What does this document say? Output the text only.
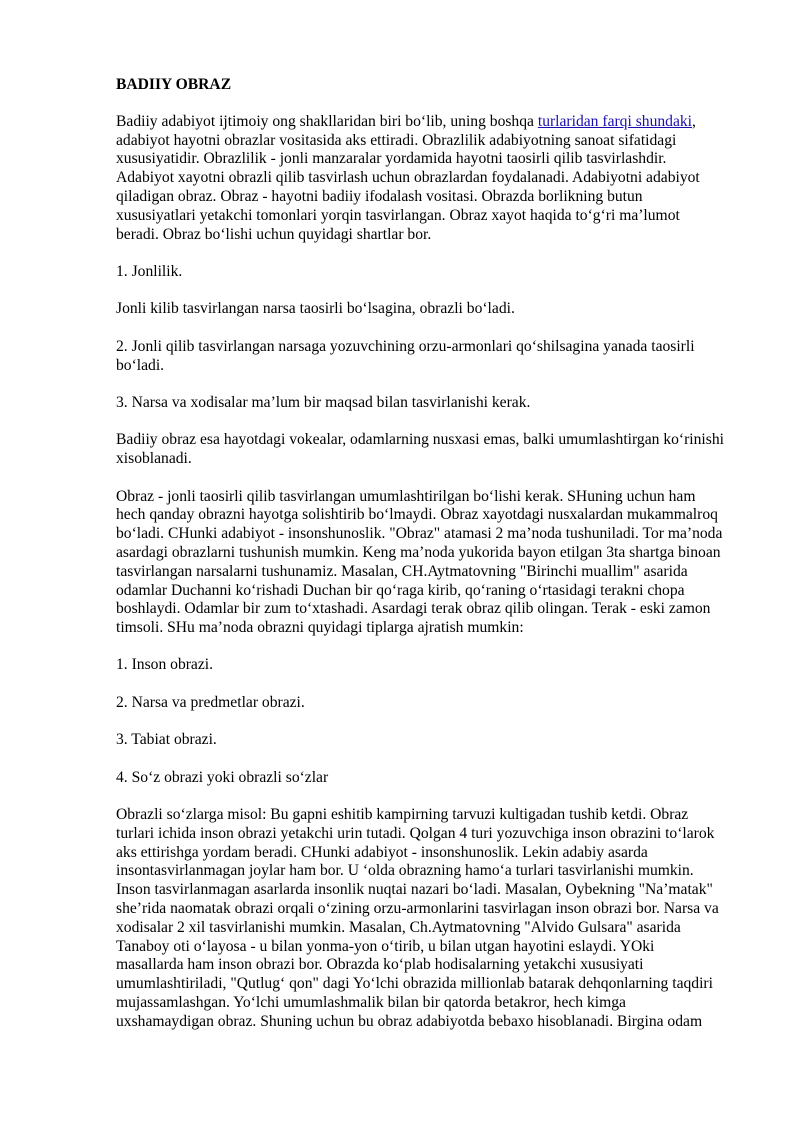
BADIIY OBRAZ
Badiiy adabiyot ijtimoiy ong shakllaridan biri bo‘lib, uning boshqa turlaridan farqi shundaki, adabiyot hayotni obrazlar vositasida aks ettiradi. Obrazlilik adabiyotning sanoat sifatidagi xususiyatidir. Obrazlilik - jonli manzaralar yordamida hayotni taosirli qilib tasvirlashdir. Adabiyot xayotni obrazli qilib tasvirlash uchun obrazlardan foydalanadi. Adabiyotni adabiyot qiladigan obraz. Obraz - hayotni badiiy ifodalash vositasi. Obrazda borlikning butun xususiyatlari yetakchi tomonlari yorqin tasvirlangan. Obraz xayot haqida to‘g‘ri ma’lumot beradi. Obraz bo‘lishi uchun quyidagi shartlar bor.
1. Jonlilik.
Jonli kilib tasvirlangan narsa taosirli bo‘lsagina, obrazli bo‘ladi.
2. Jonli qilib tasvirlangan narsaga yozuvchining orzu-armonlari qo‘shilsagina yanada taosirli bo‘ladi.
3. Narsa va xodisalar ma’lum bir maqsad bilan tasvirlanishi kerak.
Badiiy obraz esa hayotdagi vokealar, odamlarning nusxasi emas, balki umumlashtirgan ko‘rinishi xisoblanadi.
Obraz - jonli taosirli qilib tasvirlangan umumlashtirilgan bo‘lishi kerak. SHuning uchun ham hech qanday obrazni hayotga solishtirib bo‘lmaydi. Obraz xayotdagi nusxalardan mukammalroq bo‘ladi. CHunki adabiyot - insonshunoslik. "Obraz" atamasi 2 ma’noda tushuniladi. Tor ma’noda asardagi obrazlarni tushunish mumkin. Keng ma’noda yukorida bayon etilgan 3ta shartga binoan tasvirlangan narsalarni tushunamiz. Masalan, CH.Aytmatovning "Birinchi muallim" asarida odamlar Duchanni ko‘rishadi Duchan bir qo‘raga kirib, qo‘raning o‘rtasidagi terakni chopa boshlaydi. Odamlar bir zum to‘xtashadi. Asardagi terak obraz qilib olingan. Terak - eski zamon timsoli. SHu ma’noda obrazni quyidagi tiplarga ajratish mumkin:
1. Inson obrazi.
2. Narsa va predmetlar obrazi.
3. Tabiat obrazi.
4. So‘z obrazi yoki obrazli so‘zlar
Obrazli so‘zlarga misol: Bu gapni eshitib kampirning tarvuzi kultigadan tushib ketdi. Obraz turlari ichida inson obrazi yetakchi urin tutadi. Qolgan 4 turi yozuvchiga inson obrazini to‘larok aks ettirishga yordam beradi. CHunki adabiyot - insonshunoslik. Lekin adabiy asarda insontasvirlanmagan joylar ham bor. U ‘olda obrazning hamo‘a turlari tasvirlanishi mumkin. Inson tasvirlanmagan asarlarda insonlik nuqtai nazari bo‘ladi. Masalan, Oybekning "Na’matak" she’rida naomatak obrazi orqali o‘zining orzu-armonlarini tasvirlagan inson obrazi bor. Narsa va xodisalar 2 xil tasvirlanishi mumkin. Masalan, Ch.Aytmatovning "Alvido Gulsara" asarida Tanaboy oti o‘layosa - u bilan yonma-yon o‘tirib, u bilan utgan hayotini eslaydi. YOki masallarda ham inson obrazi bor. Obrazda ko‘plab hodisalarning yetakchi xususiyati umumlashtiriladi, "Qutlug‘ qon" dagi Yo‘lchi obrazida millionlab batarak dehqonlarning taqdiri mujassamlashgan. Yo‘lchi umumlashmalik bilan bir qatorda betakror, hech kimga uxshamaydigan obraz. Shuning uchun bu obraz adabiyotda bebaxo hisoblanadi. Birgina odam
